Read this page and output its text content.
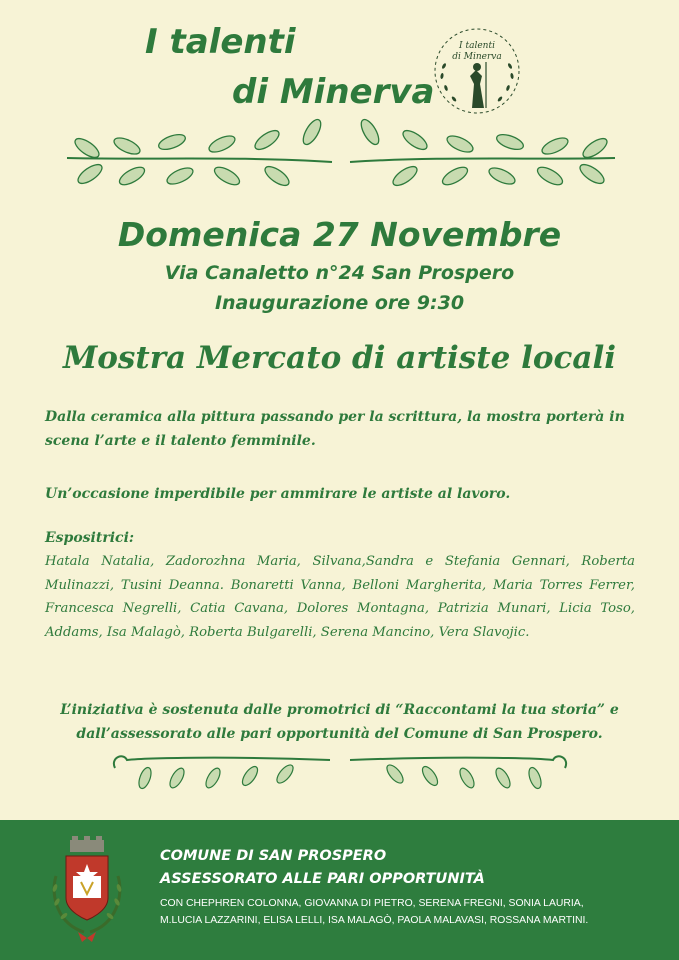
I talenti
di Minerva
I talenti
di Minerva
Domenica 27 Novembre
Via Canaletto n°24 San Prospero
Inaugurazione ore 9:30
Mostra Mercato di artiste locali
Dalla ceramica alla pittura passando per la scrittura, la mostra porterà in scena l’arte e il talento femminile.
Un’occasione imperdibile per ammirare le artiste al lavoro.
Espositrici:
Hatala Natalia, Zadorozhna Maria, Silvana,Sandra e Stefania Gennari, Roberta Mulinazzi, Tusini Deanna. Bonaretti Vanna, Belloni Margherita, Maria Torres Ferrer, Francesca Negrelli, Catia Cavana, Dolores Montagna, Patrizia Munari, Licia Toso, Addams, Isa Malagò, Roberta Bulgarelli, Serena Mancino, Vera Slavojic.
L’iniziativa è sostenuta dalle promotrici di “Raccontami la tua storia” e
dall’assessorato alle pari opportunità del Comune di San Prospero.
COMUNE DI SAN PROSPERO
ASSESSORATO ALLE PARI OPPORTUNITÀ
CON CHEPHREN COLONNA, GIOVANNA DI PIETRO, SERENA FREGNI, SONIA LAURIA,
M.LUCIA LAZZARINI, ELISA LELLI, ISA MALAGÒ, PAOLA MALAVASI, ROSSANA MARTINI.
